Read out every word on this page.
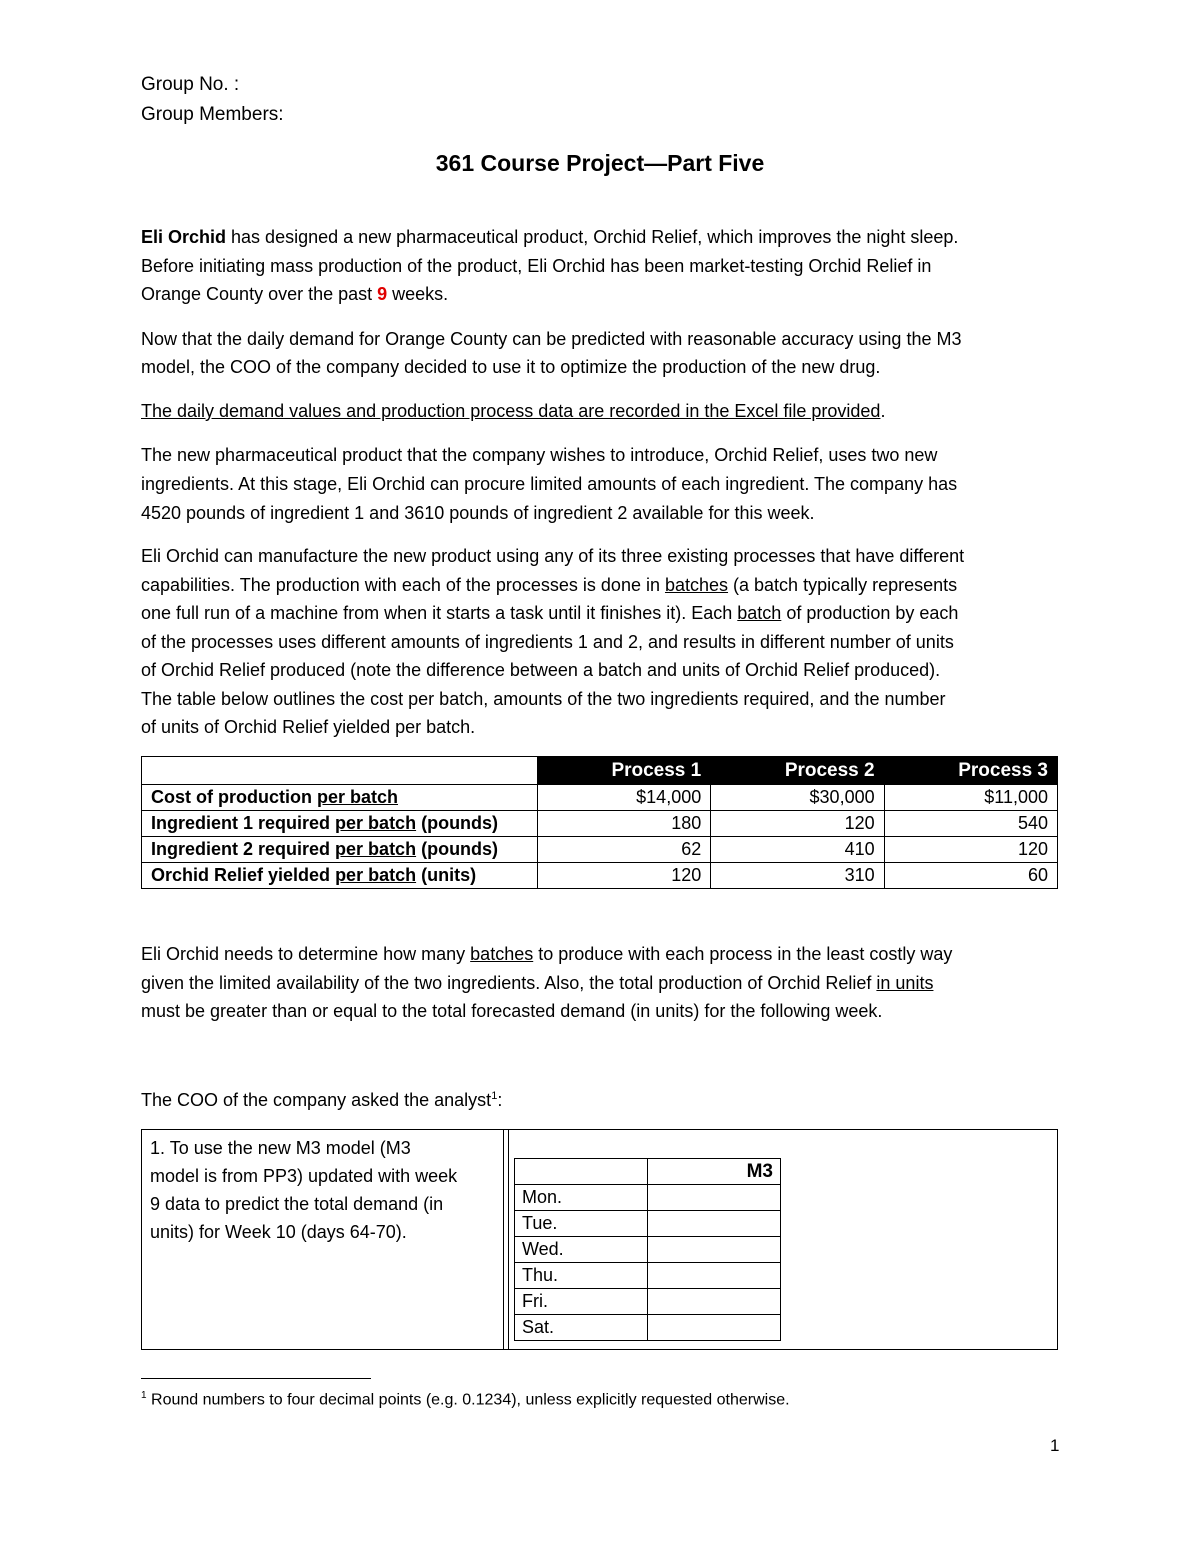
Group No. :
Group Members:
361 Course Project—Part Five
Eli Orchid has designed a new pharmaceutical product, Orchid Relief, which improves the night sleep.
Before initiating mass production of the product, Eli Orchid has been market-testing Orchid Relief in
Orange County over the past 9 weeks.
Now that the daily demand for Orange County can be predicted with reasonable accuracy using the M3
model, the COO of the company decided to use it to optimize the production of the new drug.
The daily demand values and production process data are recorded in the Excel file provided.
The new pharmaceutical product that the company wishes to introduce, Orchid Relief, uses two new
ingredients. At this stage, Eli Orchid can procure limited amounts of each ingredient. The company has
4520 pounds of ingredient 1 and 3610 pounds of ingredient 2 available for this week.
Eli Orchid can manufacture the new product using any of its three existing processes that have different
capabilities. The production with each of the processes is done in batches (a batch typically represents
one full run of a machine from when it starts a task until it finishes it). Each batch of production by each
of the processes uses different amounts of ingredients 1 and 2, and results in different number of units
of Orchid Relief produced (note the difference between a batch and units of Orchid Relief produced).
The table below outlines the cost per batch, amounts of the two ingredients required, and the number
of units of Orchid Relief yielded per batch.
	Process 1	Process 2	Process 3
Cost of production per batch	$14,000	$30,000	$11,000
Ingredient 1 required per batch (pounds)	180	120	540
Ingredient 2 required per batch (pounds)	62	410	120
Orchid Relief yielded per batch (units)	120	310	60
Eli Orchid needs to determine how many batches to produce with each process in the least costly way
given the limited availability of the two ingredients. Also, the total production of Orchid Relief in units
must be greater than or equal to the total forecasted demand (in units) for the following week.
The COO of the company asked the analyst$^1$:
1. To use the new M3 model (M3
model is from PP3) updated with week
9 data to predict the total demand (in
units) for Week 10 (days 64-70).
	M3
Mon.	
Tue.	
Wed.	
Thu.	
Fri.	
Sat.	
$^1$ Round numbers to four decimal points (e.g. 0.1234), unless explicitly requested otherwise.
1
